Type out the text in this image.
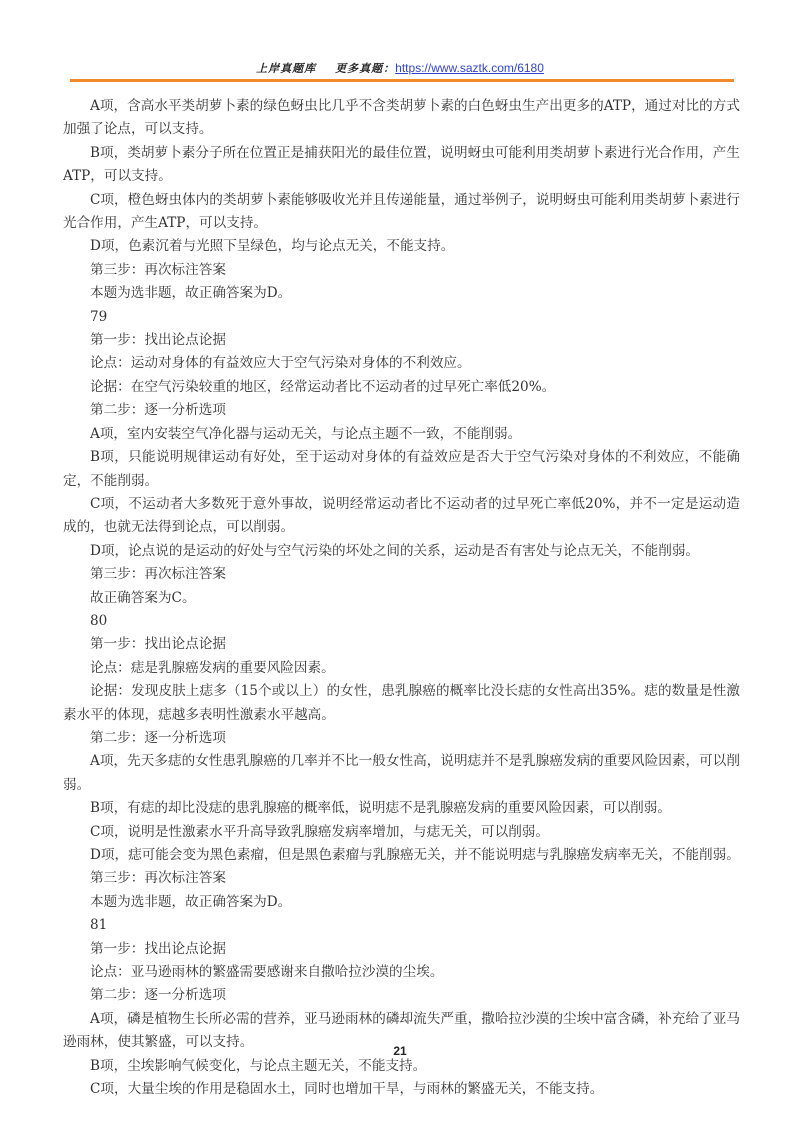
上岸真题库 更多真题：https://www.saztk.com/6180

A项，含高水平类胡萝卜素的绿色蚜虫比几乎不含类胡萝卜素的白色蚜虫生产出更多的ATP，通过对比的方式加强了论点，可以支持。

B项，类胡萝卜素分子所在位置正是捕获阳光的最佳位置，说明蚜虫可能利用类胡萝卜素进行光合作用，产生ATP，可以支持。

C项，橙色蚜虫体内的类胡萝卜素能够吸收光并且传递能量，通过举例子，说明蚜虫可能利用类胡萝卜素进行光合作用，产生ATP，可以支持。

D项，色素沉着与光照下呈绿色，均与论点无关，不能支持。

第三步：再次标注答案

本题为选非题，故正确答案为D。

79

第一步：找出论点论据

论点：运动对身体的有益效应大于空气污染对身体的不利效应。

论据：在空气污染较重的地区，经常运动者比不运动者的过早死亡率低20%。

第二步：逐一分析选项

A项，室内安装空气净化器与运动无关，与论点主题不一致，不能削弱。

B项，只能说明规律运动有好处，至于运动对身体的有益效应是否大于空气污染对身体的不利效应，不能确定，不能削弱。

C项，不运动者大多数死于意外事故，说明经常运动者比不运动者的过早死亡率低20%，并不一定是运动造成的，也就无法得到论点，可以削弱。

D项，论点说的是运动的好处与空气污染的坏处之间的关系，运动是否有害处与论点无关，不能削弱。

第三步：再次标注答案

故正确答案为C。

80

第一步：找出论点论据

论点：痣是乳腺癌发病的重要风险因素。

论据：发现皮肤上痣多（15个或以上）的女性，患乳腺癌的概率比没长痣的女性高出35%。痣的数量是性激素水平的体现，痣越多表明性激素水平越高。

第二步：逐一分析选项

A项，先天多痣的女性患乳腺癌的几率并不比一般女性高，说明痣并不是乳腺癌发病的重要风险因素，可以削弱。

B项，有痣的却比没痣的患乳腺癌的概率低，说明痣不是乳腺癌发病的重要风险因素，可以削弱。

C项，说明是性激素水平升高导致乳腺癌发病率增加，与痣无关，可以削弱。

D项，痣可能会变为黑色素瘤，但是黑色素瘤与乳腺癌无关，并不能说明痣与乳腺癌发病率无关，不能削弱。

第三步：再次标注答案

本题为选非题，故正确答案为D。

81

第一步：找出论点论据

论点：亚马逊雨林的繁盛需要感谢来自撒哈拉沙漠的尘埃。

第二步：逐一分析选项

A项，磷是植物生长所必需的营养，亚马逊雨林的磷却流失严重，撒哈拉沙漠的尘埃中富含磷，补充给了亚马逊雨林，使其繁盛，可以支持。

B项，尘埃影响气候变化，与论点主题无关，不能支持。

C项，大量尘埃的作用是稳固水土，同时也增加干旱，与雨林的繁盛无关，不能支持。

21
